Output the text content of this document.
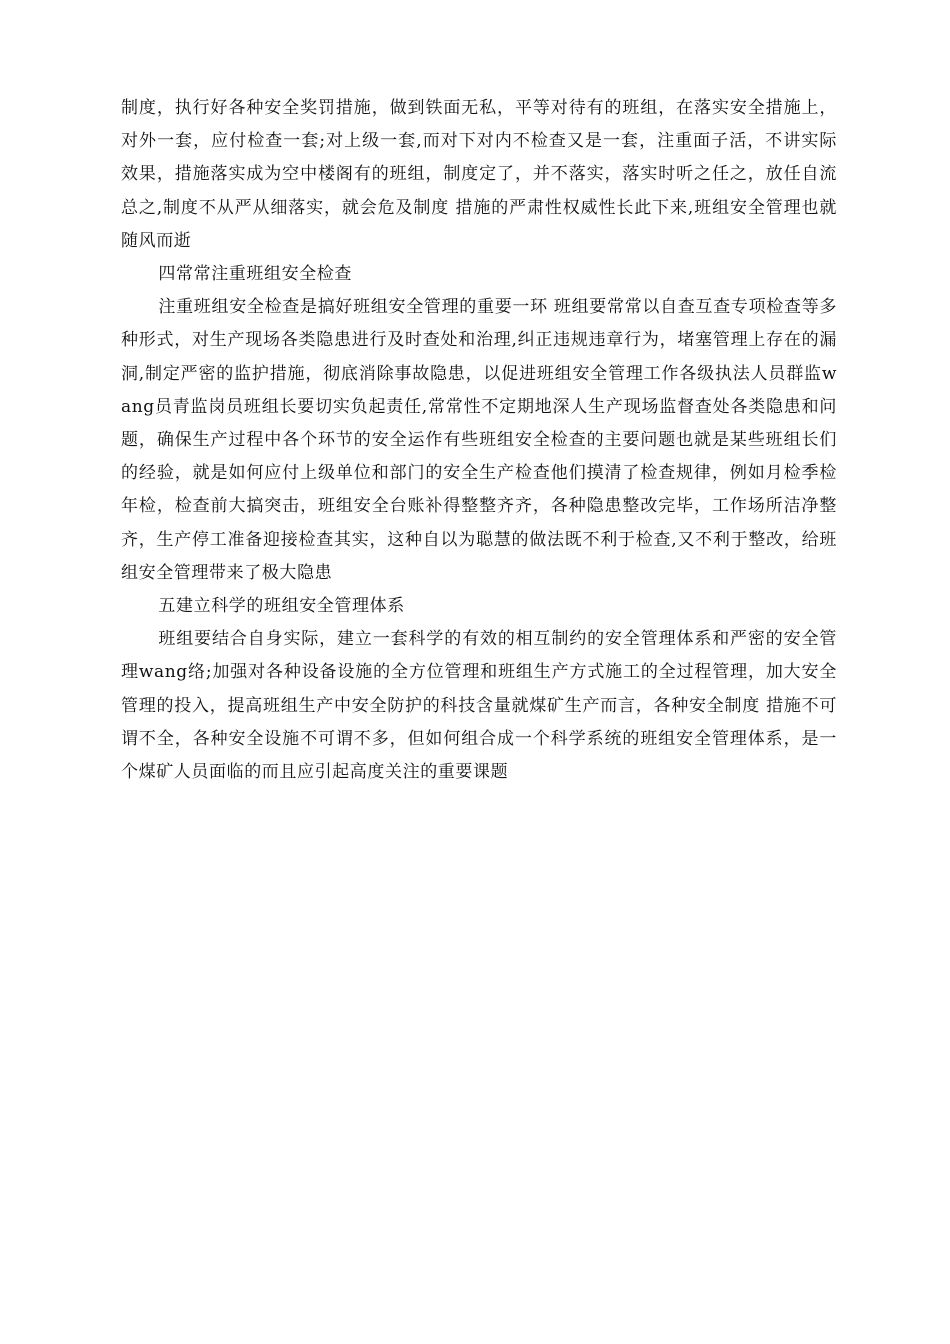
制度，执行好各种安全奖罚措施，做到铁面无私，平等对待有的班组，在落实安全措施上，对外一套，应付检查一套;对上级一套,而对下对内不检查又是一套，注重面子活，不讲实际效果，措施落实成为空中楼阁有的班组，制度定了，并不落实，落实时听之任之，放任自流总之,制度不从严从细落实，就会危及制度 措施的严肃性权威性长此下来,班组安全管理也就随风而逝

四常常注重班组安全检查

注重班组安全检查是搞好班组安全管理的重要一环 班组要常常以自查互查专项检查等多种形式，对生产现场各类隐患进行及时查处和治理,纠正违规违章行为，堵塞管理上存在的漏洞,制定严密的监护措施，彻底消除事故隐患，以促进班组安全管理工作各级执法人员群监wang员青监岗员班组长要切实负起责任,常常性不定期地深人生产现场监督查处各类隐患和问题，确保生产过程中各个环节的安全运作有些班组安全检查的主要问题也就是某些班组长们的经验，就是如何应付上级单位和部门的安全生产检查他们摸清了检查规律，例如月检季检年检，检查前大搞突击，班组安全台账补得整整齐齐，各种隐患整改完毕，工作场所洁净整齐，生产停工准备迎接检查其实，这种自以为聪慧的做法既不利于检查,又不利于整改，给班组安全管理带来了极大隐患

五建立科学的班组安全管理体系

班组要结合自身实际，建立一套科学的有效的相互制约的安全管理体系和严密的安全管理wang络;加强对各种设备设施的全方位管理和班组生产方式施工的全过程管理，加大安全管理的投入，提高班组生产中安全防护的科技含量就煤矿生产而言，各种安全制度 措施不可谓不全，各种安全设施不可谓不多，但如何组合成一个科学系统的班组安全管理体系，是一个煤矿人员面临的而且应引起高度关注的重要课题
